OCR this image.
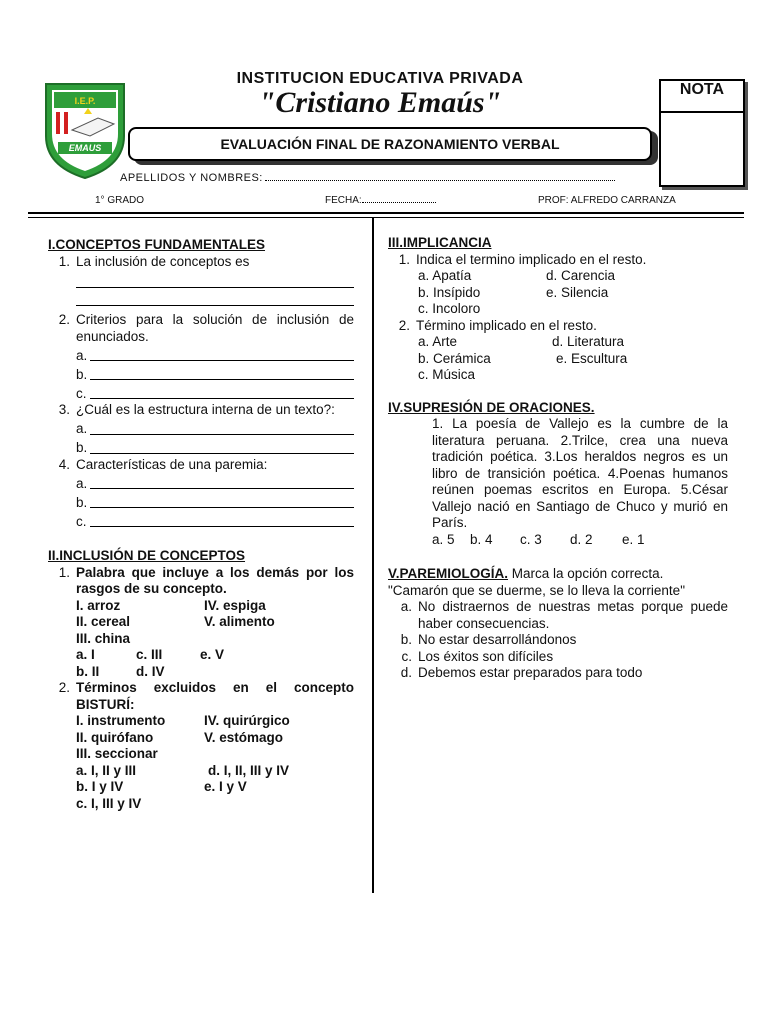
I.E.P.
EMAUS
INSTITUCION EDUCATIVA PRIVADA
"Cristiano Emaús"
EVALUACIÓN FINAL DE RAZONAMIENTO VERBAL
NOTA
APELLIDOS Y NOMBRES:
1° GRADO	FECHA:	PROF: ALFREDO CARRANZA
I.CONCEPTOS FUNDAMENTALES
1. La inclusión de conceptos es
2. Criterios para la solución de inclusión de enunciados.
a.
b.
c.
3. ¿Cuál es la estructura interna de un texto?:
a.
b.
4. Características de una paremia:
a.
b.
c.
II.INCLUSIÓN DE CONCEPTOS
1. Palabra que incluye a los demás por los rasgos de su concepto.
I. arroz	IV. espiga
II. cereal	V. alimento
III. china
a. I	c. III	e. V
b. II	d. IV
2. Términos excluidos en el concepto BISTURÍ:
I. instrumento	IV. quirúrgico
II. quirófano	V. estómago
III. seccionar
a. I, II y III	d. I, II, III y IV
b. I y IV	e. I y V
c. I, III y IV
III.IMPLICANCIA
1. Indica el termino implicado en el resto.
a. Apatía	d. Carencia
b. Insípido	e. Silencia
c. Incoloro
2. Término implicado en el resto.
a. Arte	d. Literatura
b. Cerámica	e. Escultura
c. Música
IV.SUPRESIÓN DE ORACIONES.
1. La poesía de Vallejo es la cumbre de la literatura peruana. 2.Trilce, crea una nueva tradición poética. 3.Los heraldos negros es un libro de transición poética. 4.Poenas humanos reúnen poemas escritos en Europa. 5.César Vallejo nació en Santiago de Chuco y murió en París.
a. 5	b. 4	c. 3	d. 2	e. 1
V.PAREMIOLOGÍA. Marca la opción correcta.
"Camarón que se duerme, se lo lleva la corriente"
a. No distraernos de nuestras metas porque puede haber consecuencias.
b. No estar desarrollándonos
c. Los éxitos son difíciles
d. Debemos estar preparados para todo
